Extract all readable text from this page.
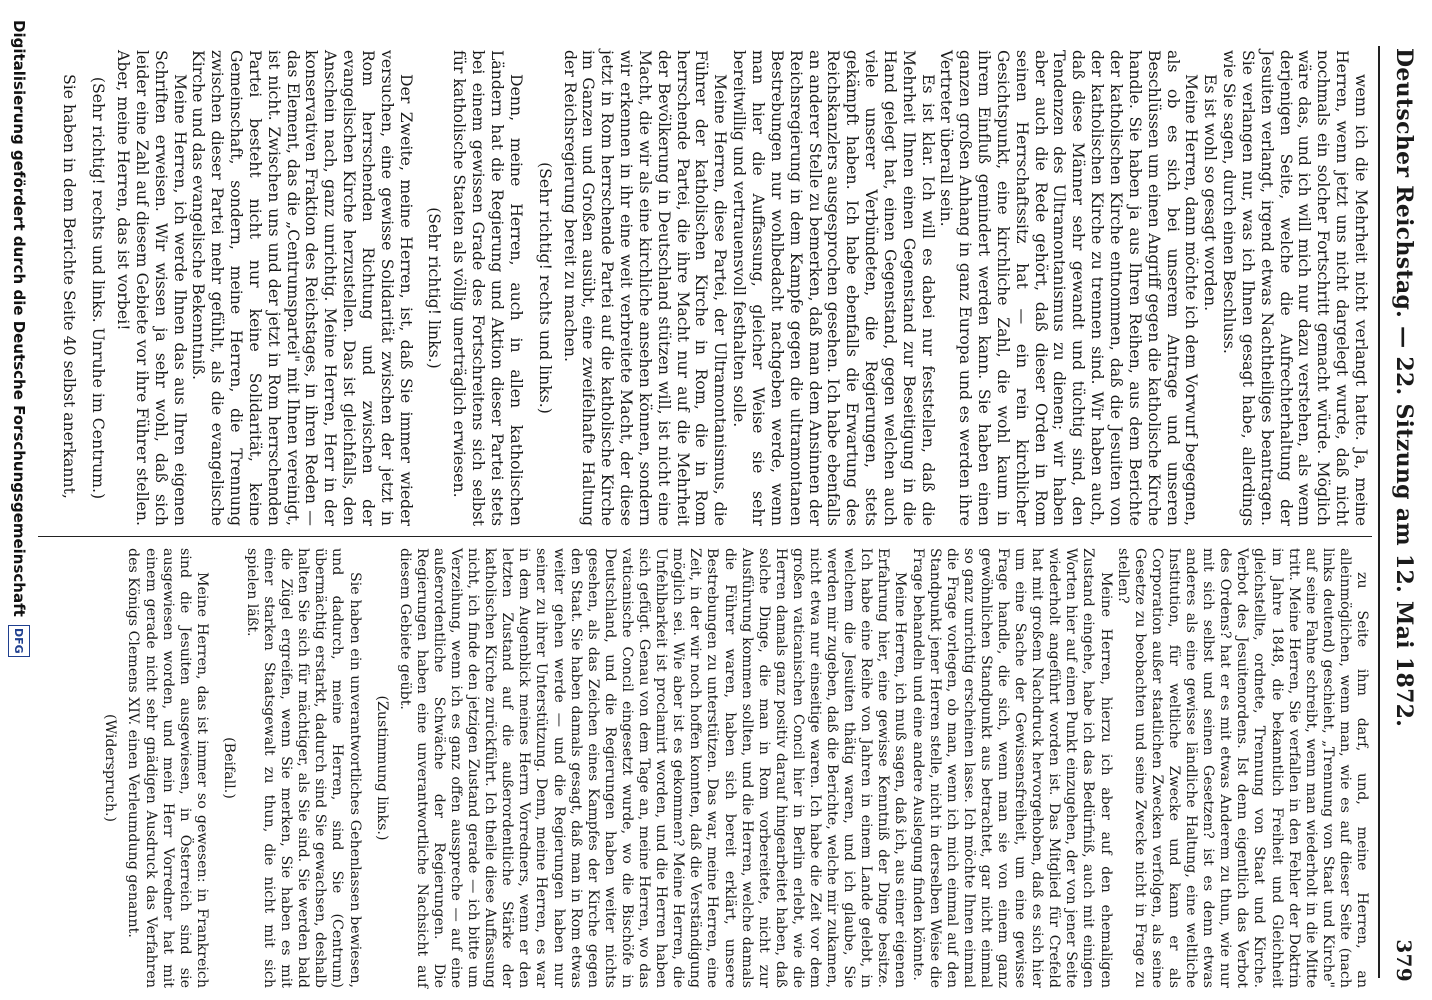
Deutscher Reichstag. — 22. Sitzung am 12. Mai 1872.
379

wenn ich die Mehrheit nicht verlangt hatte. Ja, meine Herren, wenn jetzt uns nicht dargelegt wurde, daß nicht nochmals ein solcher Fortschritt gemacht würde. Möglich wäre das, und ich will mich nur dazu verstehen, als wenn derjenigen Seite, welche die Aufrechterhaltung der Jesuiten verlangt, irgend etwas Nachtheiliges beantragen. Sie verlangen nur, was ich Ihnen gesagt habe, allerdings wie Sie sagen, durch einen Beschluss.

Es ist wohl so gesagt worden.

Meine Herren, dann möchte ich dem Vorwurf begegnen, als ob es sich bei unserem Antrage und unseren Beschlüssen um einen Angriff gegen die katholische Kirche handle. Sie haben ja aus Ihren Reihen, aus dem Berichte der katholischen Kirche entnommen, daß die Jesuiten von der katholischen Kirche zu trennen sind. Wir haben auch, daß diese Männer sehr gewandt und tüchtig sind, den Tendenzen des Ultramontanismus zu dienen; wir haben aber auch die Rede gehört, daß dieser Orden in Rom seinen Herrschaftssitz hat — ein rein kirchlicher Gesichtspunkt, eine kirchliche Zahl, die wohl kaum in ihrem Einfluß gemindert werden kann. Sie haben einen ganzen großen Anhang in ganz Europa und es werden ihre Vertreter überall sein.

Es ist klar. Ich will es dabei nur feststellen, daß die Mehrheit Ihnen einen Gegenstand zur Beseitigung in die Hand gelegt hat, einen Gegenstand, gegen welchen auch viele unserer Verbündeten, die Regierungen, stets gekämpft haben. Ich habe ebenfalls die Erwartung des Reichskanzlers ausgesprochen gesehen. Ich habe ebenfalls an anderer Stelle zu bemerken, daß man dem Ansinnen der Reichsregierung in dem Kampfe gegen die ultramontanen Bestrebungen nur wohlbedacht nachgeben werde, wenn man hier die Auffassung, gleicher Weise sie sehr bereitwillig und vertrauensvoll festhalten solle.

Meine Herren, diese Partei, der Ultramontanismus, die Führer der katholischen Kirche in Rom, die in Rom herrschende Partei, die ihre Macht nur auf die Mehrheit der Bevölkerung in Deutschland stützen will, ist nicht eine Macht, die wir als eine kirchliche ansehen können, sondern wir erkennen in ihr eine weit verbreitete Macht, der diese jetzt in Rom herrschende Partei auf die katholische Kirche im Ganzen und Großen ausübt, eine zweifelhafte Haltung der Reichsregierung bereit zu machen.

(Sehr richtig! rechts und links.)

Denn, meine Herren, auch in allen katholischen Ländern hat die Regierung und Aktion dieser Partei stets bei einem gewissen Grade des Fortschreitens sich selbst für katholische Staaten als völlig unerträglich erwiesen.

(Sehr richtig! links.)

Der Zweite, meine Herren, ist, daß Sie immer wieder versuchen, eine gewisse Solidarität zwischen der jetzt in Rom herrschenden Richtung und zwischen der evangelischen Kirche herzustellen. Das ist gleichfalls, den Anschein nach, ganz unrichtig. Meine Herren, Herr in der konservativen Fraktion des Reichstages, in ihren Reden — das Element, das die „Centrumspartei" mit Ihnen vereinigt, ist nicht. Zwischen uns und der jetzt in Rom herrschenden Partei besteht nicht nur keine Solidarität, keine Gemeinschaft, sondern, meine Herren, die Trennung zwischen dieser Partei mehr gefühlt, als die evangelische Kirche und das evangelische Bekenntniß.

Meine Herren, ich werde Ihnen das aus Ihren eigenen Schriften erweisen. Wir wissen ja sehr wohl, daß sich leider eine Zahl auf diesem Gebiete vor ihre Führer stellen. Aber, meine Herren, das ist vorbei!

(Sehr richtig! rechts und links. Unruhe im Centrum.)

Sie haben in dem Berichte Seite 40 selbst anerkannt,

zu Seite ihm darf, und, meine Herren, an alleinmöglichen, wenn man, wie es auf dieser Seite (nach links deutend) geschieht, „Trennung von Staat und Kirche" auf seine Fahne schreibt, wenn man wiederholt in die Mitte tritt. Meine Herren, Sie verfallen in den Fehler der Doktrin im Jahre 1848, die bekanntlich Freiheit und Gleichheit gleichstellte, ordnete, Trennung von Staat und Kirche. Verbot des Jesuitenordens. Ist denn eigentlich das Verbot des Ordens? hat er es mit etwas Anderem zu thun, wie nur mit sich selbst und seinen Gesetzen? ist es denn etwas anderes als eine gewisse ländliche Haltung, eine weltliche Institution, für weltliche Zwecke und kann er als Corporation außer staatlichen Zwecken verfolgen, als seine Gesetze zu beobachten und seine Zwecke nicht in Frage zu stellen?

Meine Herren, hierzu ich aber auf den ehemaligen Zustand eingehe, habe ich das Bedürfniß, auch mit einigen Worten hier auf einen Punkt einzugehen, der von jener Seite wiederholt angeführt worden ist. Das Mitglied für Crefeld hat mit großem Nachdruck hervorgehoben, daß es sich hier um eine Sache der Gewissensfreiheit, um eine gewisse Frage handle, die sich, wenn man sie von einem ganz gewöhnlichen Standpunkt aus betrachtet, gar nicht einmal so ganz unrichtig erscheinen lasse. Ich möchte Ihnen einmal die Frage vorlegen, ob man, wenn ich mich einmal auf den Standpunkt jener Herren stelle, nicht in derselben Weise die Frage behandeln und eine andere Auslegung finden könnte.

Meine Herren, ich muß sagen, daß ich, aus einer eigenen Erfahrung hier, eine gewisse Kenntniß der Dinge besitze. Ich habe eine Reihe von Jahren in einem Lande gelebt, in welchem die Jesuiten thätig waren, und ich glaube, Sie werden mir zugeben, daß die Berichte, welche mir zukamen, nicht etwa nur einseitige waren. Ich habe die Zeit vor dem großen vaticanischen Concil hier in Berlin erlebt, wie die Herren damals ganz positiv darauf hingearbeitet haben, daß solche Dinge, die man in Rom vorbereitete, nicht zur Ausführung kommen sollten, und die Herren, welche damals die Führer waren, haben sich bereit erklärt, unsere Bestrebungen zu unterstützen. Das war, meine Herren, eine Zeit, in der wir noch hoffen konnten, daß die Verständigung möglich sei. Wie aber ist es gekommen? Meine Herren, die Unfehlbarkeit ist proclamirt worden, und die Herren haben sich gefügt. Genau von dem Tage an, meine Herren, wo das vaticanische Concil eingesetzt wurde, wo die Bischöfe in Deutschland, und die Regierungen haben weiter nichts gesehen, als das Zeichen eines Kampfes der Kirche gegen den Staat. Sie haben damals gesagt, daß man in Rom etwas weiter gehen werde — und die Regierungen haben nur seiner zu ihrer Unterstützung. Denn, meine Herren, es war in dem Augenblick meines Herrn Vorredners, wenn er den letzten Zustand auf die außerordentliche Stärke der katholischen Kirche zurückführt. Ich theile diese Auffassung nicht, ich finde den jetzigen Zustand gerade — ich bitte um Verzeihung, wenn ich es ganz offen ausspreche — auf eine außerordentliche Schwäche der Regierungen. Die Regierungen haben eine unverantwortliche Nachsicht auf diesem Gebiete geübt.

(Zustimmung links.)

Sie haben ein unverantwortliches Gehenlassen bewiesen, und dadurch, meine Herren, sind Sie (Centrum) übermächtig erstarkt, dadurch sind Sie gewachsen, deshalb halten Sie sich für mächtiger, als Sie sind. Sie werden bald die Zügel ergreifen, wenn Sie merken, Sie haben es mit einer starken Staatsgewalt zu thun, die nicht mit sich spielen läßt.

(Beifall.)

Meine Herren, das ist immer so gewesen: in Frankreich sind die Jesuiten ausgewiesen, in Österreich sind sie ausgewiesen worden, und mein Herr Vorredner hat mit einem gerade nicht sehr gnädigen Ausdruck das Verfahren des Königs Clemens XIV. einen Verleumdung genannt.

(Widerspruch.)

Digitalisierung gefördert durch die Deutsche Forschungsgemeinschaft
DFG
